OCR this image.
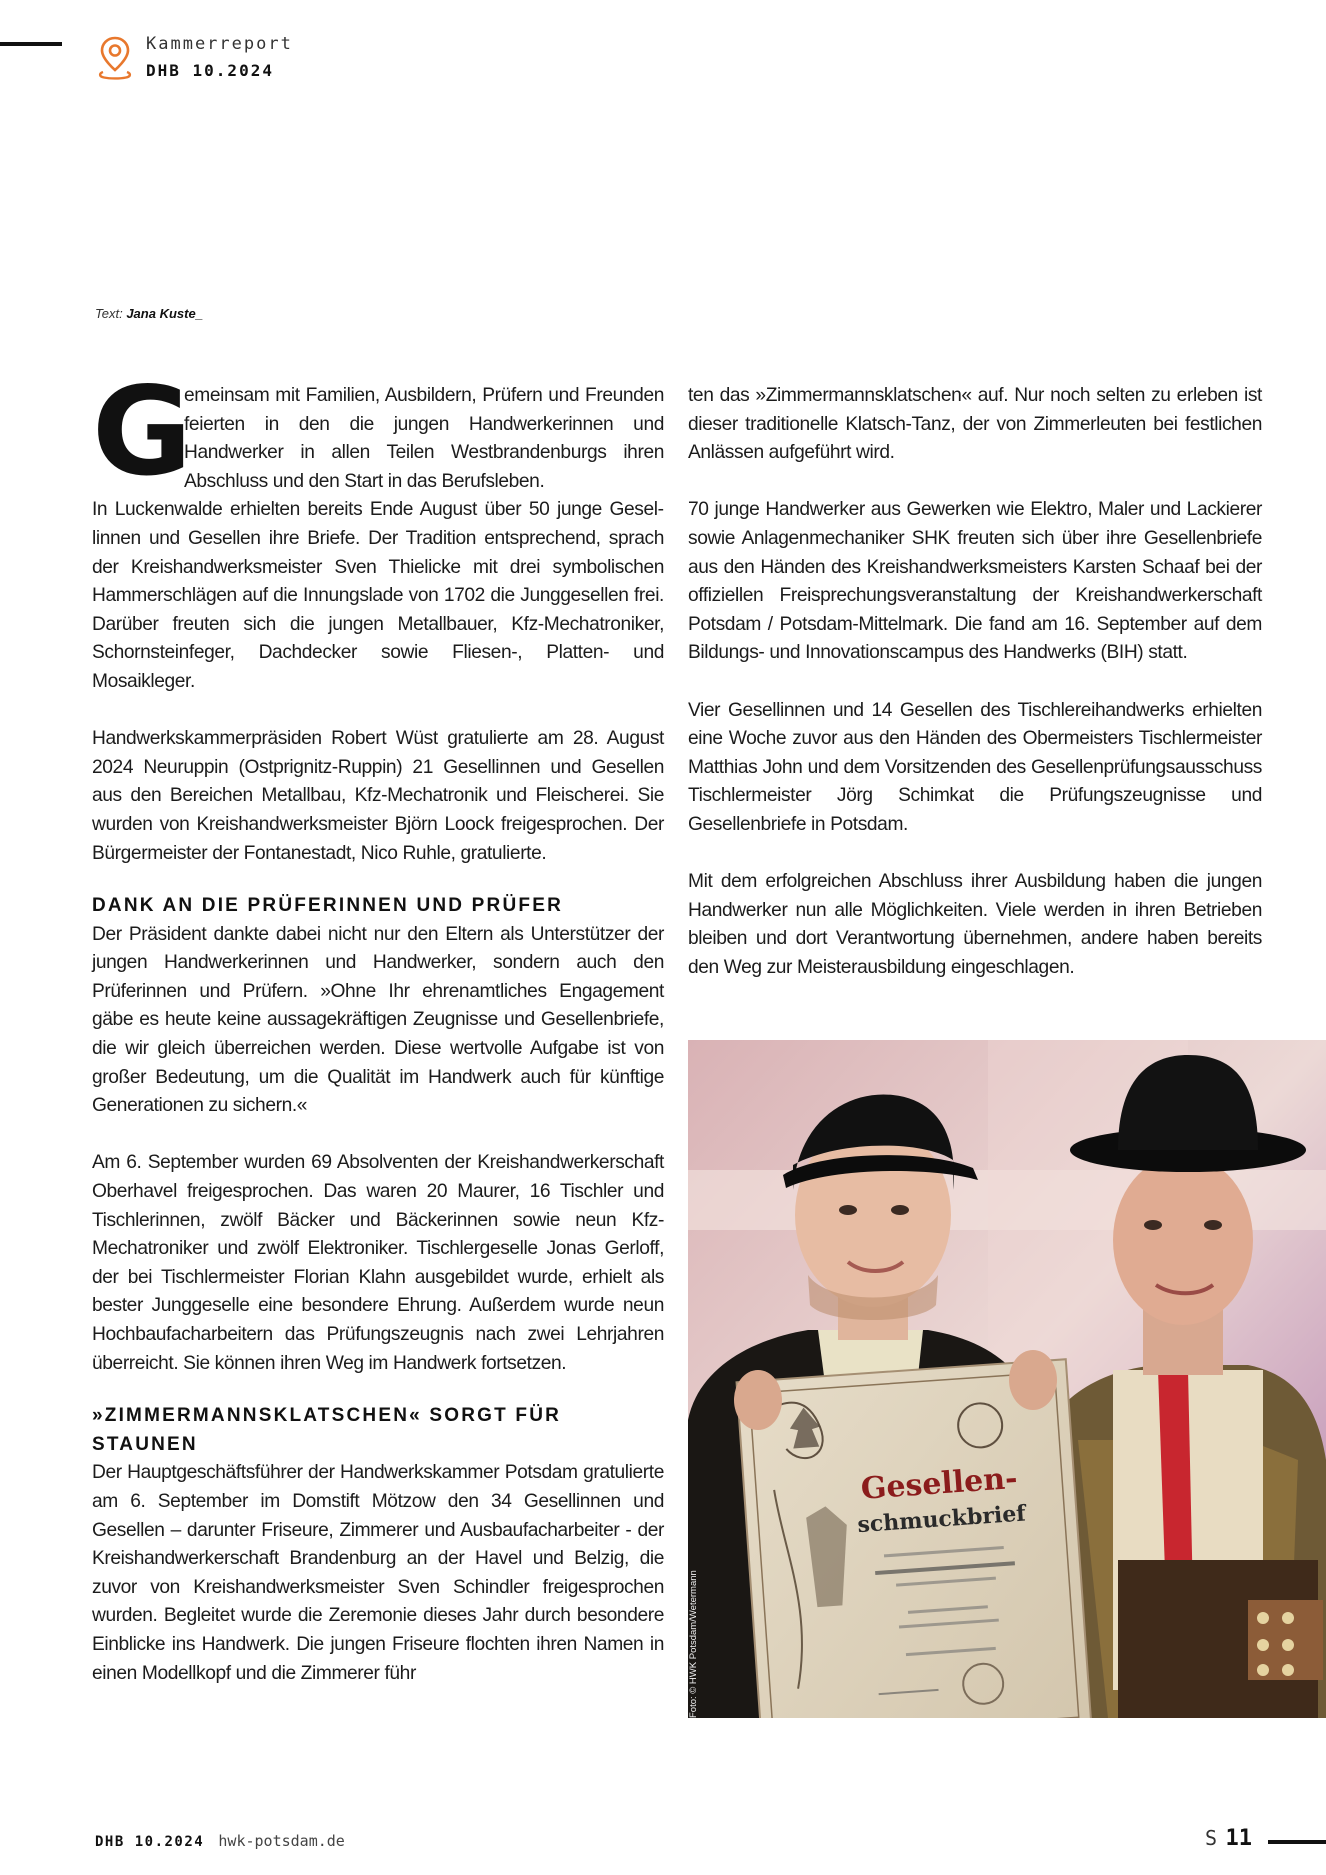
Kammerreport
DHB 10.2024
Text: Jana Kuste_
G

emeinsam mit Familien, Ausbildern, Prüfern und Freunden feierten in den die jungen Handwerkerinnen und Handwerker in allen Teilen Westbrandenburgs ihren Abschluss und den Start in das Berufsleben.

In Luckenwalde erhielten bereits Ende August über 50 junge Gesellinnen und Gesellen ihre Briefe. Der Tradition entsprechend, sprach der Kreishandwerksmeister Sven Thielicke mit drei symbolischen Hammerschlägen auf die Innungslade von 1702 die Junggesellen frei. Darüber freuten sich die jungen Metallbauer, Kfz-Mechatroniker, Schornsteinfeger, Dachdecker sowie Fliesen-, Platten- und Mosaikleger.

Handwerkskammerpräsiden Robert Wüst gratulierte am 28. August 2024 Neuruppin (Ostprignitz-Ruppin) 21 Gesellinnen und Gesellen aus den Bereichen Metallbau, Kfz-Mechatronik und Fleischerei. Sie wurden von Kreishandwerksmeister Björn Loock freigesprochen. Der Bürgermeister der Fontanestadt, Nico Ruhle, gratulierte.

DANK AN DIE PRÜFERINNEN UND PRÜFER

Der Präsident dankte dabei nicht nur den Eltern als Unterstützer der jungen Handwerkerinnen und Handwerker, sondern auch den Prüferinnen und Prüfern. »Ohne Ihr ehrenamtliches Engagement gäbe es heute keine aussagekräftigen Zeugnisse und Gesellenbriefe, die wir gleich überreichen werden. Diese wertvolle Aufgabe ist von großer Bedeutung, um die Qualität im Handwerk auch für künftige Generationen zu sichern.«

Am 6. September wurden 69 Absolventen der Kreishandwerkerschaft Oberhavel freigesprochen. Das waren 20 Maurer, 16 Tischler und Tischlerinnen, zwölf Bäcker und Bäckerinnen sowie neun Kfz-Mechatroniker und zwölf Elektroniker. Tischlergeselle Jonas Gerloff, der bei Tischlermeister Florian Klahn ausgebildet wurde, erhielt als bester Junggeselle eine besondere Ehrung. Außerdem wurde neun Hochbaufacharbeitern das Prüfungszeugnis nach zwei Lehrjahren überreicht. Sie können ihren Weg im Handwerk fortsetzen.

»ZIMMERMANNSKLATSCHEN« SORGT FÜR STAUNEN

Der Hauptgeschäftsführer der Handwerkskammer Potsdam gratulierte am 6. September im Domstift Mötzow den 34 Gesellinnen und Gesellen – darunter Friseure, Zimmerer und Ausbaufacharbeiter - der Kreishandwerkerschaft Brandenburg an der Havel und Belzig, die zuvor von Kreishandwerksmeister Sven Schindler freigesprochen wurden. Begleitet wurde die Zeremonie dieses Jahr durch besondere Einblicke ins Handwerk. Die jungen Friseure flochten ihren Namen in einen Modellkopf und die Zimmerer führ

ten das »Zimmermannsklatschen« auf. Nur noch selten zu erleben ist dieser traditionelle Klatsch-Tanz, der von Zimmerleuten bei festlichen Anlässen aufgeführt wird.

70 junge Handwerker aus Gewerken wie Elektro, Maler und Lackierer sowie Anlagenmechaniker SHK freuten sich über ihre Gesellenbriefe aus den Händen des Kreishandwerksmeisters Karsten Schaaf bei der offiziellen Freisprechungsveranstaltung der Kreishandwerkerschaft Potsdam / Potsdam-Mittelmark. Die fand am 16. September auf dem Bildungs- und Innovationscampus des Handwerks (BIH) statt.

Vier Gesellinnen und 14 Gesellen des Tischlereihandwerks erhielten eine Woche zuvor aus den Händen des Obermeisters Tischlermeister Matthias John und dem Vorsitzenden des Gesellenprüfungsausschuss Tischlermeister Jörg Schimkat die Prüfungszeugnisse und Gesellenbriefe in Potsdam.

Mit dem erfolgreichen Abschluss ihrer Ausbildung haben die jungen Handwerker nun alle Möglichkeiten. Viele werden in ihren Betrieben bleiben und dort Verantwortung übernehmen, andere haben bereits den Weg zur Meisterausbildung eingeschlagen.

Gesellen-
schmuckbrief
Foto: © HWK Potsdam/Wetermann
DHB 10.2024 hwk-potsdam.de	S 11
